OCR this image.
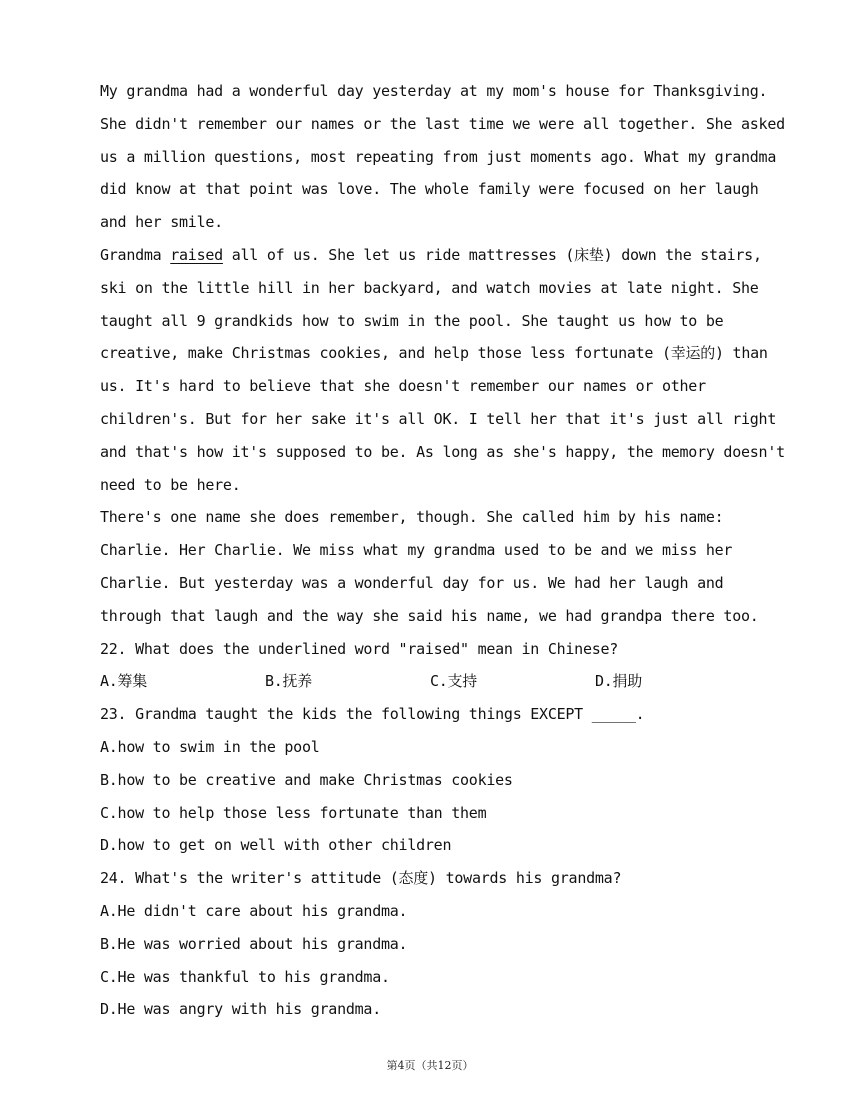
My grandma had a wonderful day yesterday at my mom's house for Thanksgiving.
She didn't remember our names or the last time we were all together. She asked
us a million questions, most repeating from just moments ago. What my grandma
did know at that point was love. The whole family were focused on her laugh
and her smile.
Grandma raised all of us. She let us ride mattresses (床垫) down the stairs,
ski on the little hill in her backyard, and watch movies at late night. She
taught all 9 grandkids how to swim in the pool. She taught us how to be
creative, make Christmas cookies, and help those less fortunate (幸运的) than
us. It's hard to believe that she doesn't remember our names or other
children's. But for her sake it's all OK. I tell her that it's just all right
and that's how it's supposed to be. As long as she's happy, the memory doesn't
need to be here.
There's one name she does remember, though. She called him by his name:
Charlie. Her Charlie. We miss what my grandma used to be and we miss her
Charlie. But yesterday was a wonderful day for us. We had her laugh and
through that laugh and the way she said his name, we had grandpa there too.
22. What does the underlined word "raised" mean in Chinese?
A.筹集	B.抚养	C.支持	D.捐助
23. Grandma taught the kids the following things EXCEPT _____.
A.how to swim in the pool
B.how to be creative and make Christmas cookies
C.how to help those less fortunate than them
D.how to get on well with other children
24. What's the writer's attitude (态度) towards his grandma?
A.He didn't care about his grandma.
B.He was worried about his grandma.
C.He was thankful to his grandma.
D.He was angry with his grandma.
第4页（共12页）
